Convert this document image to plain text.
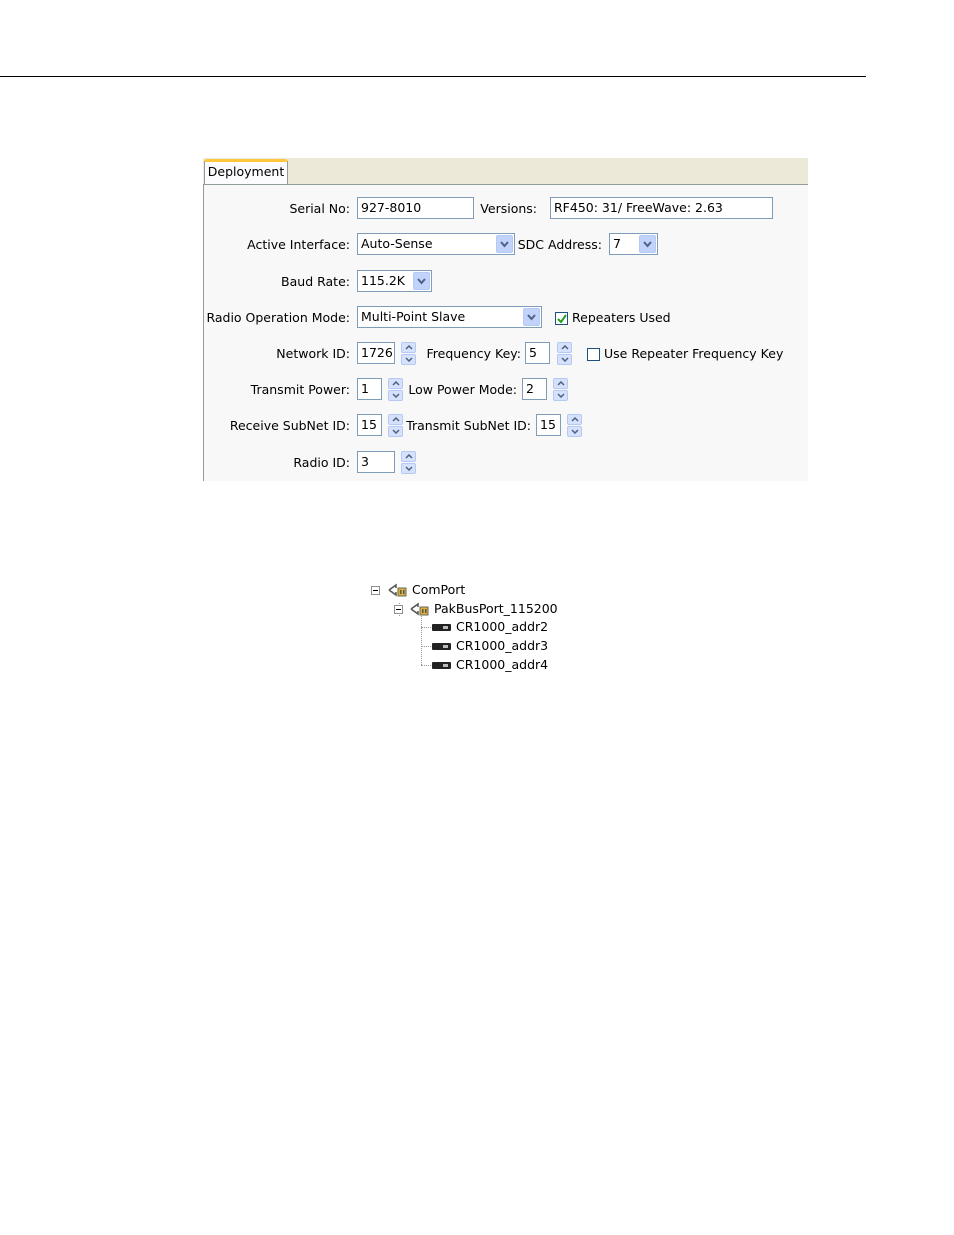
Deployment
Serial No: 927-8010	Versions:	RF450: 31/ FreeWave: 2.63
Active Interface: Auto-Sense	SDC Address: 7
Baud Rate: 115.2K
Radio Operation Mode: Multi-Point Slave	Repeaters Used
Network ID: 1726	Frequency Key: 5	Use Repeater Frequency Key
Transmit Power: 1	Low Power Mode: 2
Receive SubNet ID: 15	Transmit SubNet ID: 15
Radio ID: 3
ComPort
PakBusPort_115200
CR1000_addr2
CR1000_addr3
CR1000_addr4
